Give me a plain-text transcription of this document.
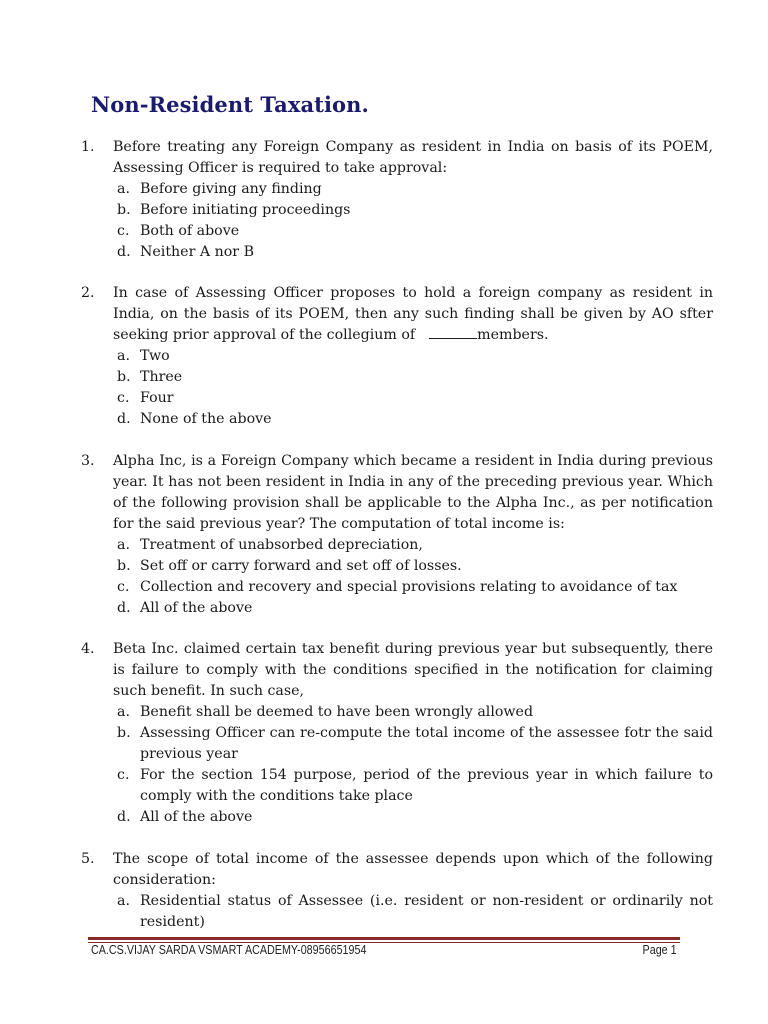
Non-Resident Taxation.
1. Before treating any Foreign Company as resident in India on basis of its POEM, Assessing Officer is required to take approval:

a. Before giving any finding
b. Before initiating proceedings
c. Both of above
d. Neither A nor B
2. In case of Assessing Officer proposes to hold a foreign company as resident in India, on the basis of its POEM, then any such finding shall be given by AO sfter seeking prior approval of the collegium of	members.

a. Two
b. Three
c. Four
d. None of the above
3. Alpha Inc, is a Foreign Company which became a resident in India during previous year. It has not been resident in India in any of the preceding previous year. Which of the following provision shall be applicable to the Alpha Inc., as per notification for the said previous year? The computation of total income is:

a. Treatment of unabsorbed depreciation,
b. Set off or carry forward and set off of losses.
c. Collection and recovery and special provisions relating to avoidance of tax
d. All of the above
4. Beta Inc. claimed certain tax benefit during previous year but subsequently, there is failure to comply with the conditions specified in the notification for claiming such benefit. In such case,

a. Benefit shall be deemed to have been wrongly allowed
b. Assessing Officer can re-compute the total income of the assessee fotr the said previous year
c. For the section 154 purpose, period of the previous year in which failure to comply with the conditions take place
d. All of the above
5. The scope of total income of the assessee depends upon which of the following consideration:

a. Residential status of Assessee (i.e. resident or non-resident or ordinarily not resident)
CA.CS.VIJAY SARDA VSMART ACADEMY-08956651954	Page 1
